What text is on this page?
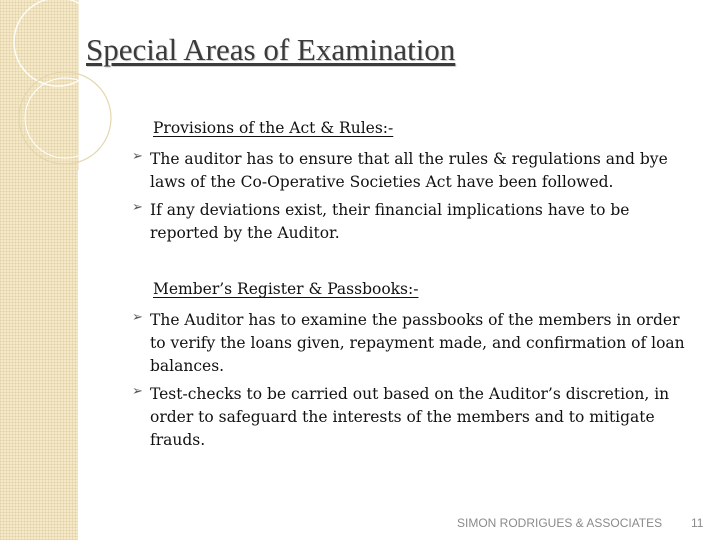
Special Areas of Examination
Provisions of the Act & Rules:-
➢ The auditor has to ensure that all the rules & regulations and bye laws of the Co-Operative Societies Act have been followed.
➢ If any deviations exist, their financial implications have to be reported by the Auditor.
Member’s Register & Passbooks:-
➢ The Auditor has to examine the passbooks of the members in order to verify the loans given, repayment made, and confirmation of loan balances.
➢ Test-checks to be carried out based on the Auditor’s discretion, in order to safeguard the interests of the members and to mitigate frauds.
SIMON RODRIGUES & ASSOCIATES 11
